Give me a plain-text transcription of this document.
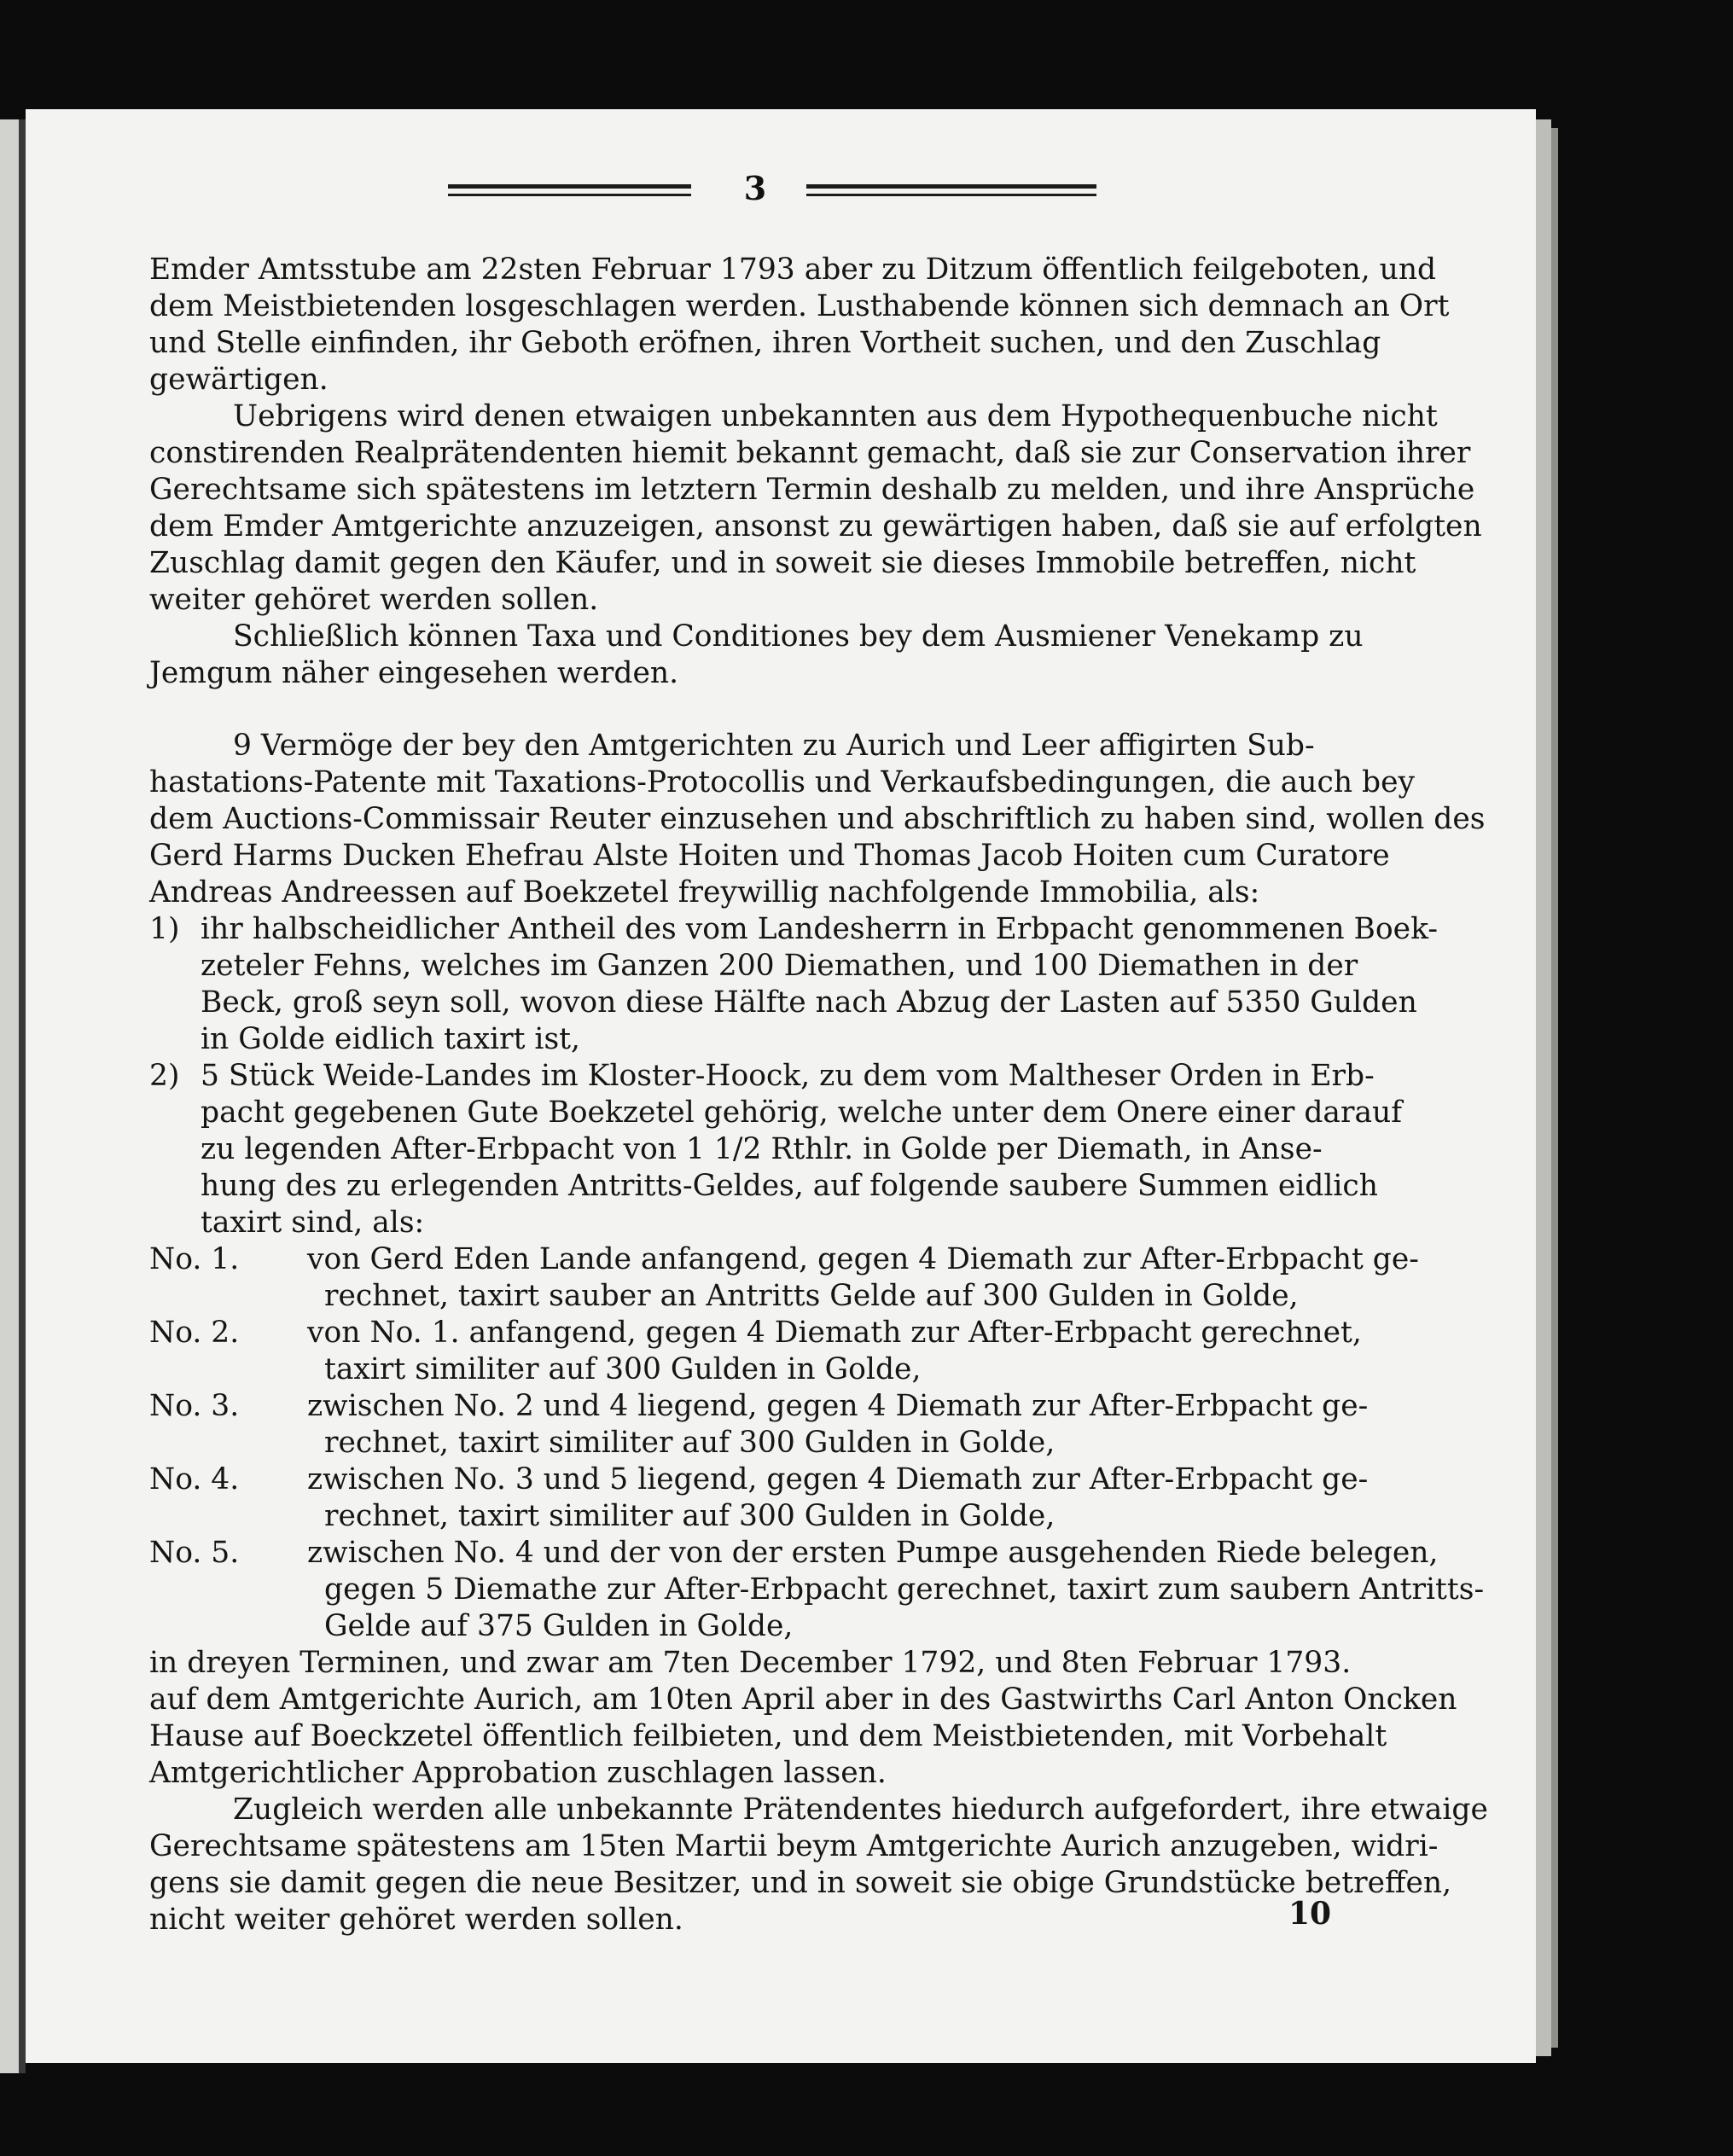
3
Emder Amtsstube am 22sten Februar 1793 aber zu Ditzum öffentlich feilgeboten, und
dem Meistbietenden losgeschlagen werden. Lusthabende können sich demnach an Ort
und Stelle einfinden, ihr Geboth eröfnen, ihren Vortheit suchen, und den Zuschlag
gewärtigen.
Uebrigens wird denen etwaigen unbekannten aus dem Hypothequenbuche nicht
constirenden Realprätendenten hiemit bekannt gemacht, daß sie zur Conservation ihrer
Gerechtsame sich spätestens im letztern Termin deshalb zu melden, und ihre Ansprüche
dem Emder Amtgerichte anzuzeigen, ansonst zu gewärtigen haben, daß sie auf erfolgten
Zuschlag damit gegen den Käufer, und in soweit sie dieses Immobile betreffen, nicht
weiter gehöret werden sollen.
Schließlich können Taxa und Conditiones bey dem Ausmiener Venekamp zu
Jemgum näher eingesehen werden.
9 Vermöge der bey den Amtgerichten zu Aurich und Leer affigirten Sub-
hastations-Patente mit Taxations-Protocollis und Verkaufsbedingungen, die auch bey
dem Auctions-Commissair Reuter einzusehen und abschriftlich zu haben sind, wollen des
Gerd Harms Ducken Ehefrau Alste Hoiten und Thomas Jacob Hoiten cum Curatore
Andreas Andreessen auf Boekzetel freywillig nachfolgende Immobilia, als:
1) ihr halbscheidlicher Antheil des vom Landesherrn in Erbpacht genommenen Boek-
zeteler Fehns, welches im Ganzen 200 Diemathen, und 100 Diemathen in der
Beck, groß seyn soll, wovon diese Hälfte nach Abzug der Lasten auf 5350 Gulden
in Golde eidlich taxirt ist,
2) 5 Stück Weide-Landes im Kloster-Hoock, zu dem vom Maltheser Orden in Erb-
pacht gegebenen Gute Boekzetel gehörig, welche unter dem Onere einer darauf
zu legenden After-Erbpacht von 1 1/2 Rthlr. in Golde per Diemath, in Anse-
hung des zu erlegenden Antritts-Geldes, auf folgende saubere Summen eidlich
taxirt sind, als:
No. 1. von Gerd Eden Lande anfangend, gegen 4 Diemath zur After-Erbpacht ge-
rechnet, taxirt sauber an Antritts Gelde auf 300 Gulden in Golde,
No. 2. von No. 1. anfangend, gegen 4 Diemath zur After-Erbpacht gerechnet,
taxirt similiter auf 300 Gulden in Golde,
No. 3. zwischen No. 2 und 4 liegend, gegen 4 Diemath zur After-Erbpacht ge-
rechnet, taxirt similiter auf 300 Gulden in Golde,
No. 4. zwischen No. 3 und 5 liegend, gegen 4 Diemath zur After-Erbpacht ge-
rechnet, taxirt similiter auf 300 Gulden in Golde,
No. 5. zwischen No. 4 und der von der ersten Pumpe ausgehenden Riede belegen,
gegen 5 Diemathe zur After-Erbpacht gerechnet, taxirt zum saubern Antritts-
Gelde auf 375 Gulden in Golde,
in dreyen Terminen, und zwar am 7ten December 1792, und 8ten Februar 1793.
auf dem Amtgerichte Aurich, am 10ten April aber in des Gastwirths Carl Anton Oncken
Hause auf Boeckzetel öffentlich feilbieten, und dem Meistbietenden, mit Vorbehalt
Amtgerichtlicher Approbation zuschlagen lassen.
Zugleich werden alle unbekannte Prätendentes hiedurch aufgefordert, ihre etwaige
Gerechtsame spätestens am 15ten Martii beym Amtgerichte Aurich anzugeben, widri-
gens sie damit gegen die neue Besitzer, und in soweit sie obige Grundstücke betreffen,
nicht weiter gehöret werden sollen.	10
